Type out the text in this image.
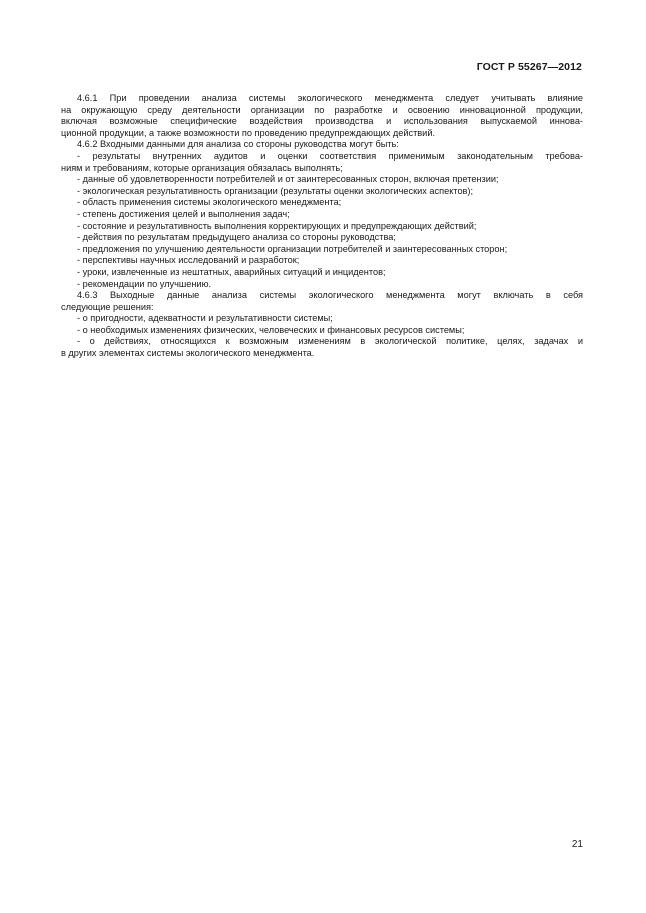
ГОСТ Р 55267—2012

4.6.1 При проведении анализа системы экологического менеджмента следует учитывать влияние

на окружающую среду деятельности организации по разработке и освоению инновационной продукции,

включая возможные специфические воздействия производства и использования выпускаемой иннова-

ционной продукции, а также возможности по проведению предупреждающих действий.

4.6.2 Входными данными для анализа со стороны руководства могут быть:

- результаты внутренних аудитов и оценки соответствия применимым законодательным требова-

ниям и требованиям, которые организация обязалась выполнять;

- данные об удовлетворенности потребителей и от заинтересованных сторон, включая претензии;

- экологическая результативность организации (результаты оценки экологических аспектов);

- область применения системы экологического менеджмента;

- степень достижения целей и выполнения задач;

- состояние и результативность выполнения корректирующих и предупреждающих действий;

- действия по результатам предыдущего анализа со стороны руководства;

- предложения по улучшению деятельности организации потребителей и заинтересованных сторон;

- перспективы научных исследований и разработок;

- уроки, извлеченные из нештатных, аварийных ситуаций и инцидентов;

- рекомендации по улучшению.

4.6.3 Выходные данные анализа системы экологического менеджмента могут включать в себя

следующие решения:

- о пригодности, адекватности и результативности системы;

- о необходимых изменениях физических, человеческих и финансовых ресурсов системы;

- о действиях, относящихся к возможным изменениям в экологической политике, целях, задачах и

в других элементах системы экологического менеджмента.

21
